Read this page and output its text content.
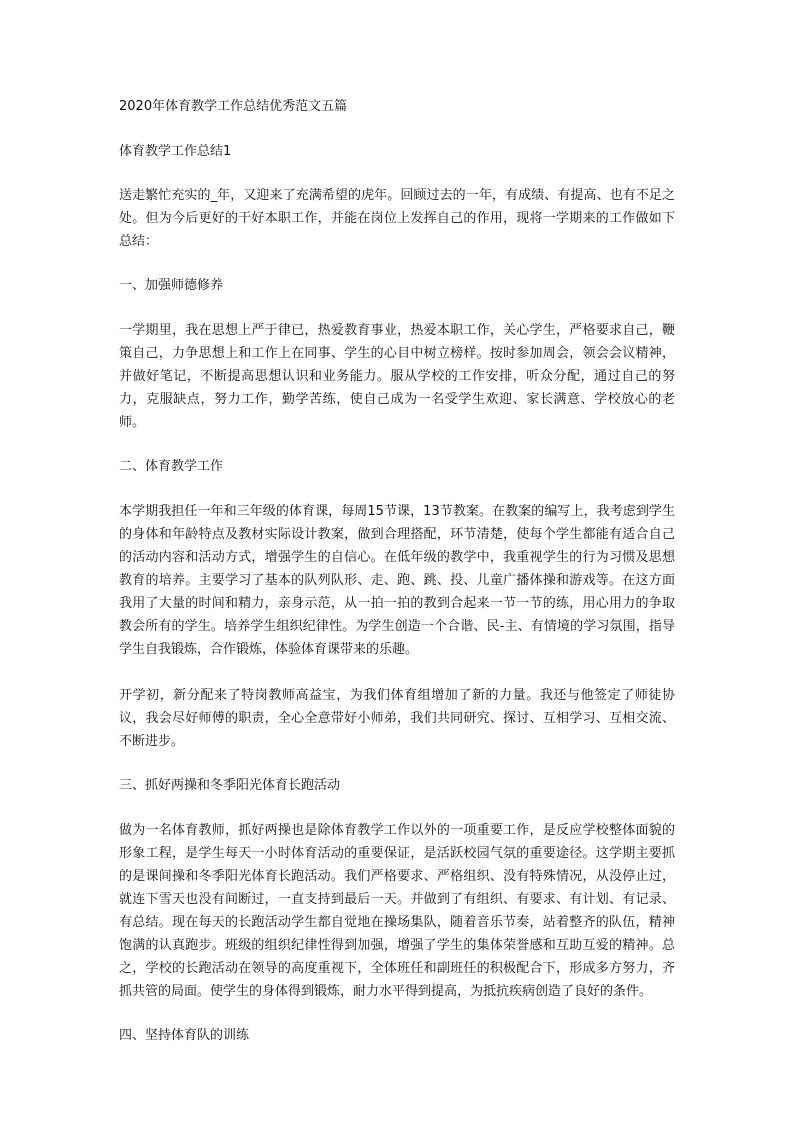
2020年体育教学工作总结优秀范文五篇

体育教学工作总结1

送走繁忙充实的_年，又迎来了充满希望的虎年。回顾过去的一年，有成绩、有提高、也有不足之处。但为今后更好的干好本职工作，并能在岗位上发挥自己的作用，现将一学期来的工作做如下总结：

一、加强师德修养

一学期里，我在思想上严于律已，热爱教育事业，热爱本职工作，关心学生，严格要求自己，鞭策自己，力争思想上和工作上在同事、学生的心目中树立榜样。按时参加周会，领会会议精神，并做好笔记，不断提高思想认识和业务能力。服从学校的工作安排，听众分配，通过自己的努力，克服缺点，努力工作，勤学苦练，使自己成为一名受学生欢迎、家长满意、学校放心的老师。

二、体育教学工作

本学期我担任一年和三年级的体育课，每周15节课，13节教案。在教案的编写上，我考虑到学生的身体和年龄特点及教材实际设计教案，做到合理搭配，环节清楚，使每个学生都能有适合自己的活动内容和活动方式，增强学生的自信心。在低年级的教学中，我重视学生的行为习惯及思想教育的培养。主要学习了基本的队列队形、走、跑、跳、投、儿童广播体操和游戏等。在这方面我用了大量的时间和精力，亲身示范，从一拍一拍的教到合起来一节一节的练，用心用力的争取教会所有的学生。培养学生组织纪律性。为学生创造一个合谐、民-主、有情境的学习氛围，指导学生自我锻炼，合作锻炼，体验体育课带来的乐趣。

开学初，新分配来了特岗教师高益宝，为我们体育组增加了新的力量。我还与他签定了师徒协议，我会尽好师傅的职责，全心全意带好小师弟，我们共同研究、探讨、互相学习、互相交流、不断进步。

三、抓好两操和冬季阳光体育长跑活动

做为一名体育教师，抓好两操也是除体育教学工作以外的一项重要工作，是反应学校整体面貌的形象工程，是学生每天一小时体育活动的重要保证，是活跃校园气氛的重要途径。这学期主要抓的是课间操和冬季阳光体育长跑活动。我们严格要求、严格组织、没有特殊情况，从没停止过，就连下雪天也没有间断过，一直支持到最后一天。并做到了有组织、有要求、有计划、有记录、有总结。现在每天的长跑活动学生都自觉地在操场集队，随着音乐节奏，站着整齐的队伍，精神饱满的认真跑步。班级的组织纪律性得到加强，增强了学生的集体荣誉感和互助互爱的精神。总之，学校的长跑活动在领导的高度重视下，全体班任和副班任的积极配合下，形成多方努力，齐抓共管的局面。使学生的身体得到锻炼，耐力水平得到提高，为抵抗疾病创造了良好的条件。

四、坚持体育队的训练
